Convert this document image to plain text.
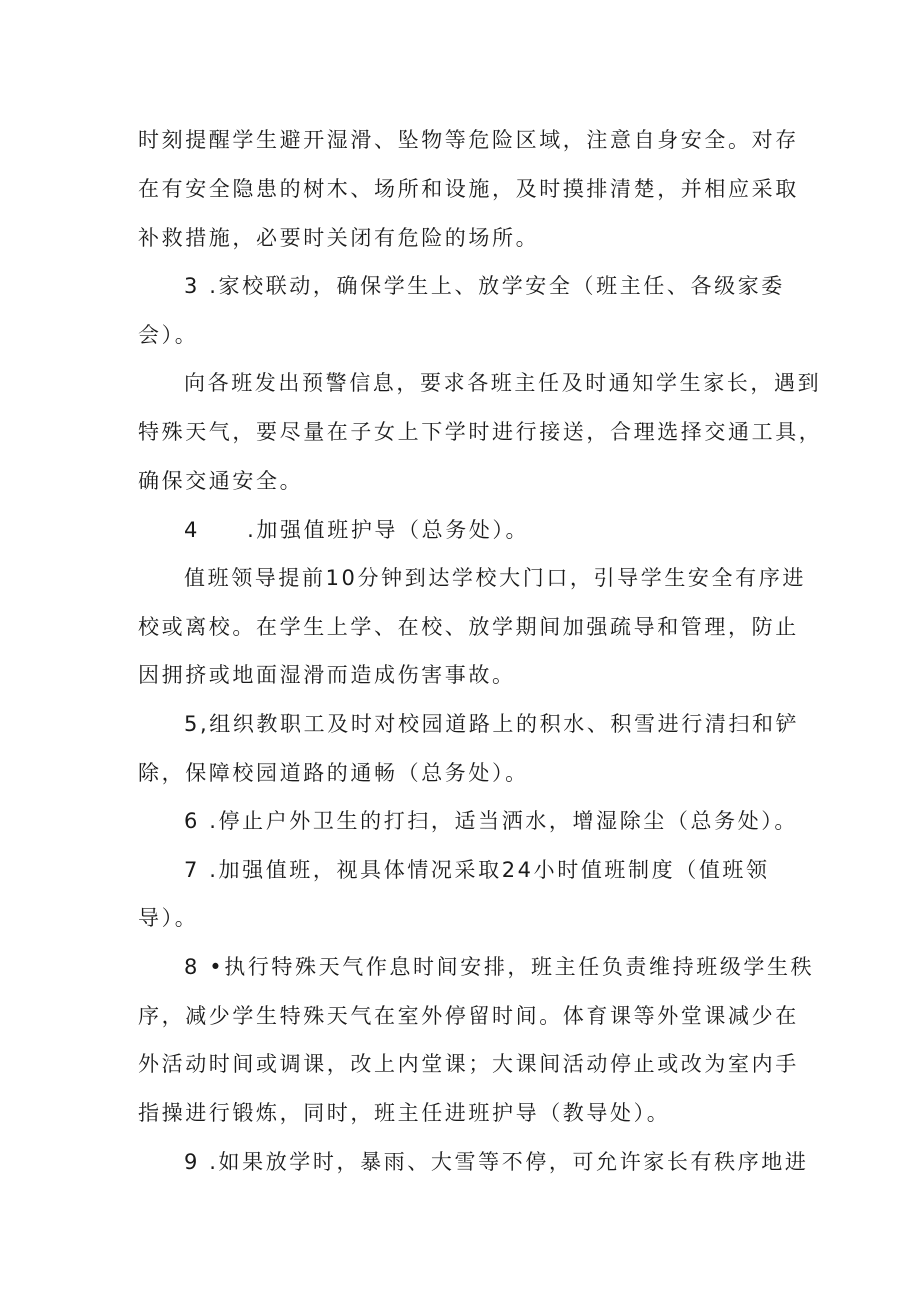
时刻提醒学生避开湿滑、坠物等危险区域，注意自身安全。对存
在有安全隐患的树木、场所和设施，及时摸排清楚，并相应采取
补救措施，必要时关闭有危险的场所。
3 .家校联动，确保学生上、放学安全（班主任、各级家委
会）。
向各班发出预警信息，要求各班主任及时通知学生家长，遇到
特殊天气，要尽量在子女上下学时进行接送，合理选择交通工具，
确保交通安全。
4　　.加强值班护导（总务处）。
值班领导提前10分钟到达学校大门口，引导学生安全有序进
校或离校。在学生上学、在校、放学期间加强疏导和管理，防止
因拥挤或地面湿滑而造成伤害事故。
5,组织教职工及时对校园道路上的积水、积雪进行清扫和铲
除，保障校园道路的通畅（总务处）。
6 .停止户外卫生的打扫，适当洒水，增湿除尘（总务处）。
7 .加强值班，视具体情况采取24小时值班制度（值班领
导）。
8 •执行特殊天气作息时间安排，班主任负责维持班级学生秩
序，减少学生特殊天气在室外停留时间。体育课等外堂课减少在
外活动时间或调课，改上内堂课；大课间活动停止或改为室内手
指操进行锻炼，同时，班主任进班护导（教导处）。
9 .如果放学时，暴雨、大雪等不停，可允许家长有秩序地进
